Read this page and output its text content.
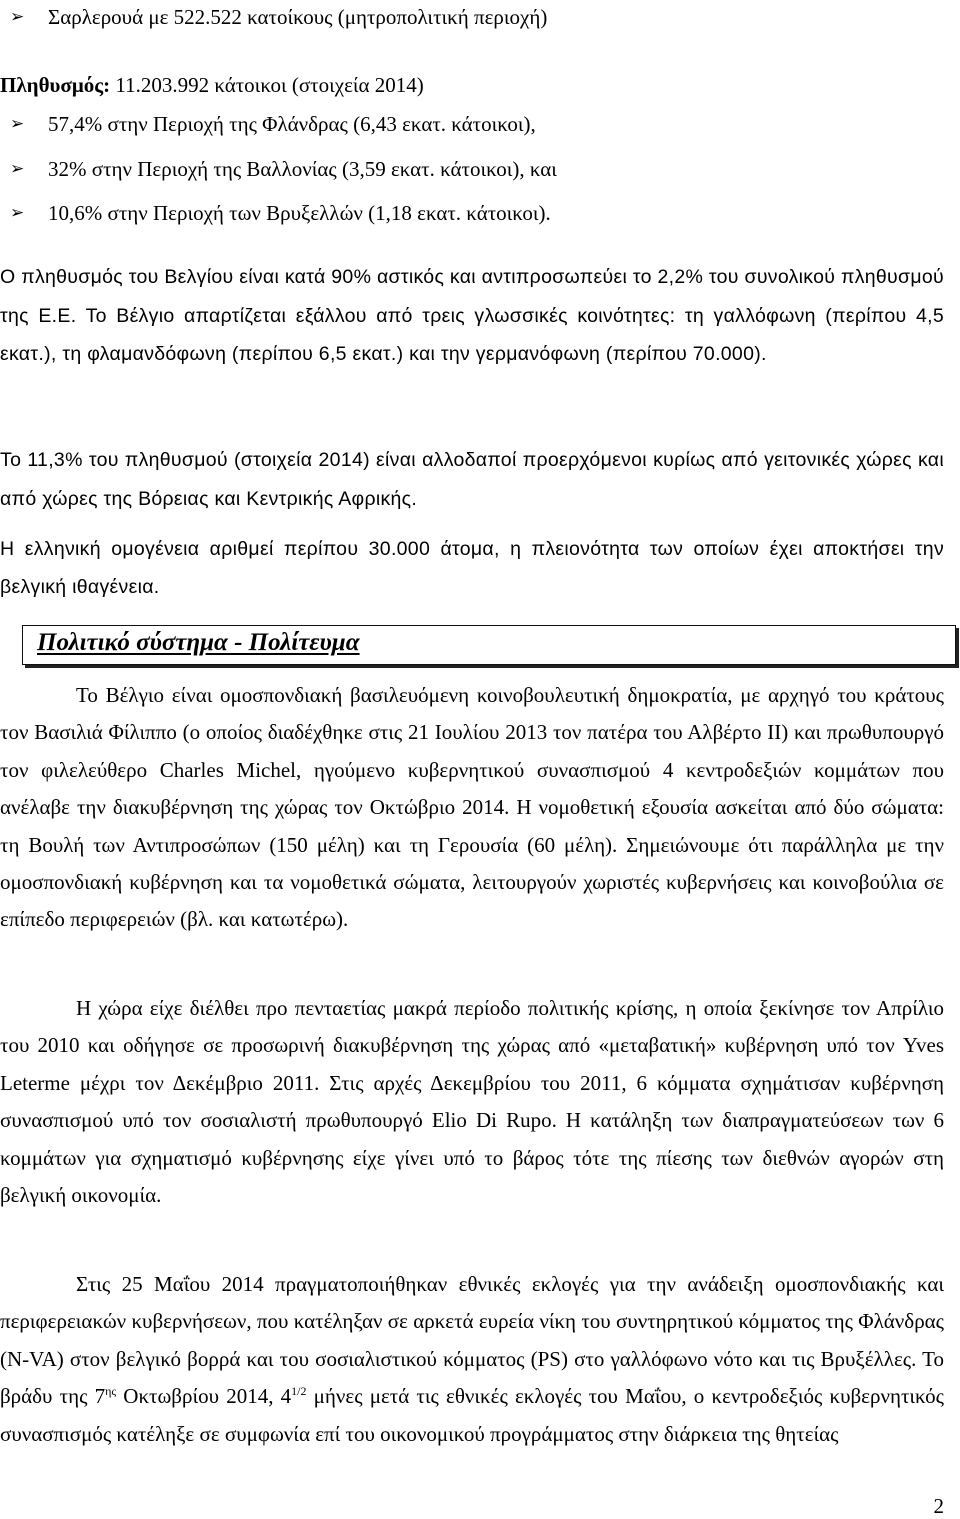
➢ Σαρλερουά με 522.522 κατοίκους (μητροπολιτική περιοχή)
Πληθυσμός: 11.203.992 κάτοικοι (στοιχεία 2014)
➢ 57,4% στην Περιοχή της Φλάνδρας (6,43 εκατ. κάτοικοι),
➢ 32% στην Περιοχή της Βαλλονίας (3,59 εκατ. κάτοικοι), και
➢ 10,6% στην Περιοχή των Βρυξελλών (1,18 εκατ. κάτοικοι).

Ο πληθυσμός του Βελγίου είναι κατά 90% αστικός και αντιπροσωπεύει το 2,2% του συνολικού πληθυσμού της Ε.Ε. Το Βέλγιο απαρτίζεται εξάλλου από τρεις γλωσσικές κοινότητες: τη γαλλόφωνη (περίπου 4,5 εκατ.), τη φλαμανδόφωνη (περίπου 6,5 εκατ.) και την γερμανόφωνη (περίπου 70.000).

Το 11,3% του πληθυσμού (στοιχεία 2014) είναι αλλοδαποί προερχόμενοι κυρίως από γειτονικές χώρες και από χώρες της Βόρειας και Κεντρικής Αφρικής.

Η ελληνική ομογένεια αριθμεί περίπου 30.000 άτομα, η πλειονότητα των οποίων έχει αποκτήσει την βελγική ιθαγένεια.

Πολιτικό σύστημα - Πολίτευμα

Το Βέλγιο είναι ομοσπονδιακή βασιλευόμενη κοινοβουλευτική δημοκρατία, με αρχηγό του κράτους τον Βασιλιά Φίλιππο (ο οποίος διαδέχθηκε στις 21 Ιουλίου 2013 τον πατέρα του Αλβέρτο ΙΙ) και πρωθυπουργό τον φιλελεύθερο Charles Michel, ηγούμενο κυβερνητικού συνασπισμού 4 κεντροδεξιών κομμάτων που ανέλαβε την διακυβέρνηση της χώρας τον Οκτώβριο 2014. Η νομοθετική εξουσία ασκείται από δύο σώματα: τη Βουλή των Αντιπροσώπων (150 μέλη) και τη Γερουσία (60 μέλη). Σημειώνουμε ότι παράλληλα με την ομοσπονδιακή κυβέρνηση και τα νομοθετικά σώματα, λειτουργούν χωριστές κυβερνήσεις και κοινοβούλια σε επίπεδο περιφερειών (βλ. και κατωτέρω).

Η χώρα είχε διέλθει προ πενταετίας μακρά περίοδο πολιτικής κρίσης, η οποία ξεκίνησε τον Απρίλιο του 2010 και οδήγησε σε προσωρινή διακυβέρνηση της χώρας από «μεταβατική» κυβέρνηση υπό τον Yves Leterme μέχρι τον Δεκέμβριο 2011. Στις αρχές Δεκεμβρίου του 2011, 6 κόμματα σχημάτισαν κυβέρνηση συνασπισμού υπό τον σοσιαλιστή πρωθυπουργό Elio Di Rupo. Η κατάληξη των διαπραγματεύσεων των 6 κομμάτων για σχηματισμό κυβέρνησης είχε γίνει υπό το βάρος τότε της πίεσης των διεθνών αγορών στη βελγική οικονομία.

Στις 25 Μαΐου 2014 πραγματοποιήθηκαν εθνικές εκλογές για την ανάδειξη ομοσπονδιακής και περιφερειακών κυβερνήσεων, που κατέληξαν σε αρκετά ευρεία νίκη του συντηρητικού κόμματος της Φλάνδρας (N-VA) στον βελγικό βορρά και του σοσιαλιστικού κόμματος (PS) στο γαλλόφωνο νότο και τις Βρυξέλλες. Το βράδυ της $7^{\eta\varsigma}$ Οκτωβρίου 2014, $4^{1/2}$ μήνες μετά τις εθνικές εκλογές του Μαΐου, ο κεντροδεξιός κυβερνητικός συνασπισμός κατέληξε σε συμφωνία επί του οικονομικού προγράμματος στην διάρκεια της θητείας

2
